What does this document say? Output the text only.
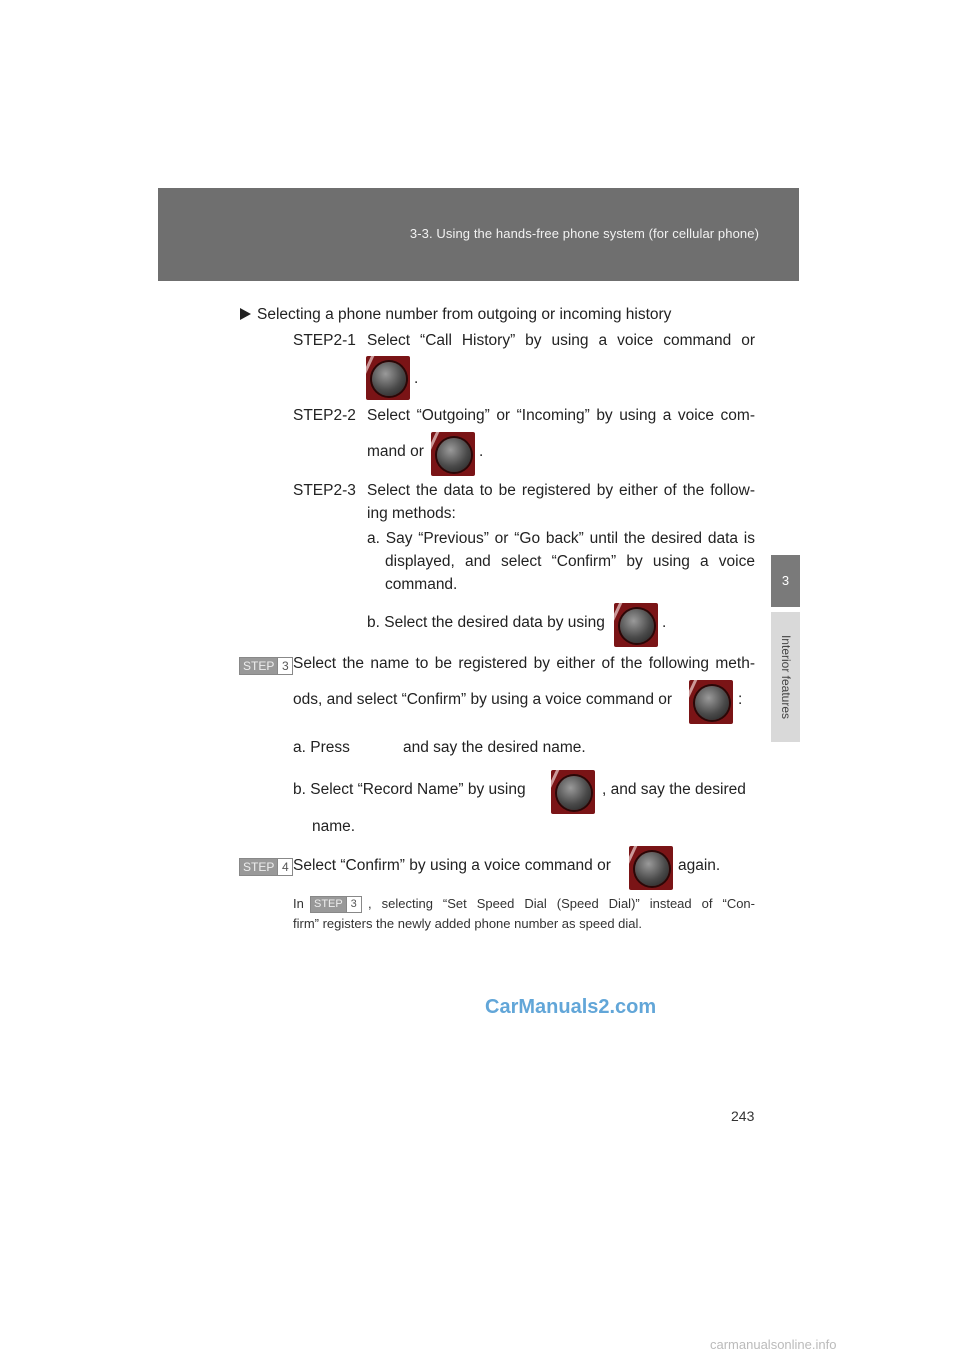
3-3. Using the hands-free phone system (for cellular phone)
3
Interior features
Selecting a phone number from outgoing or incoming history
STEP2-1 Select “Call History” by using a voice command or
.
STEP2-2 Select “Outgoing” or “Incoming” by using a voice com-
mand or	.
STEP2-3 Select the data to be registered by either of the follow-
ing methods:
a. Say “Previous” or “Go back” until the desired data is
displayed, and select “Confirm” by using a voice
command.
b. Select the desired data by using	.
STEP 3 Select the name to be registered by either of the following meth-
ods, and select “Confirm” by using a voice command or	:
a. Press	and say the desired name.
b. Select “Record Name” by using	, and say the desired
name.
STEP 4 Select “Confirm” by using a voice command or	again.
In STEP 3 , selecting “Set Speed Dial (Speed Dial)” instead of “Con-
firm” registers the newly added phone number as speed dial.
CarManuals2.com
243
carmanualsonline.info
